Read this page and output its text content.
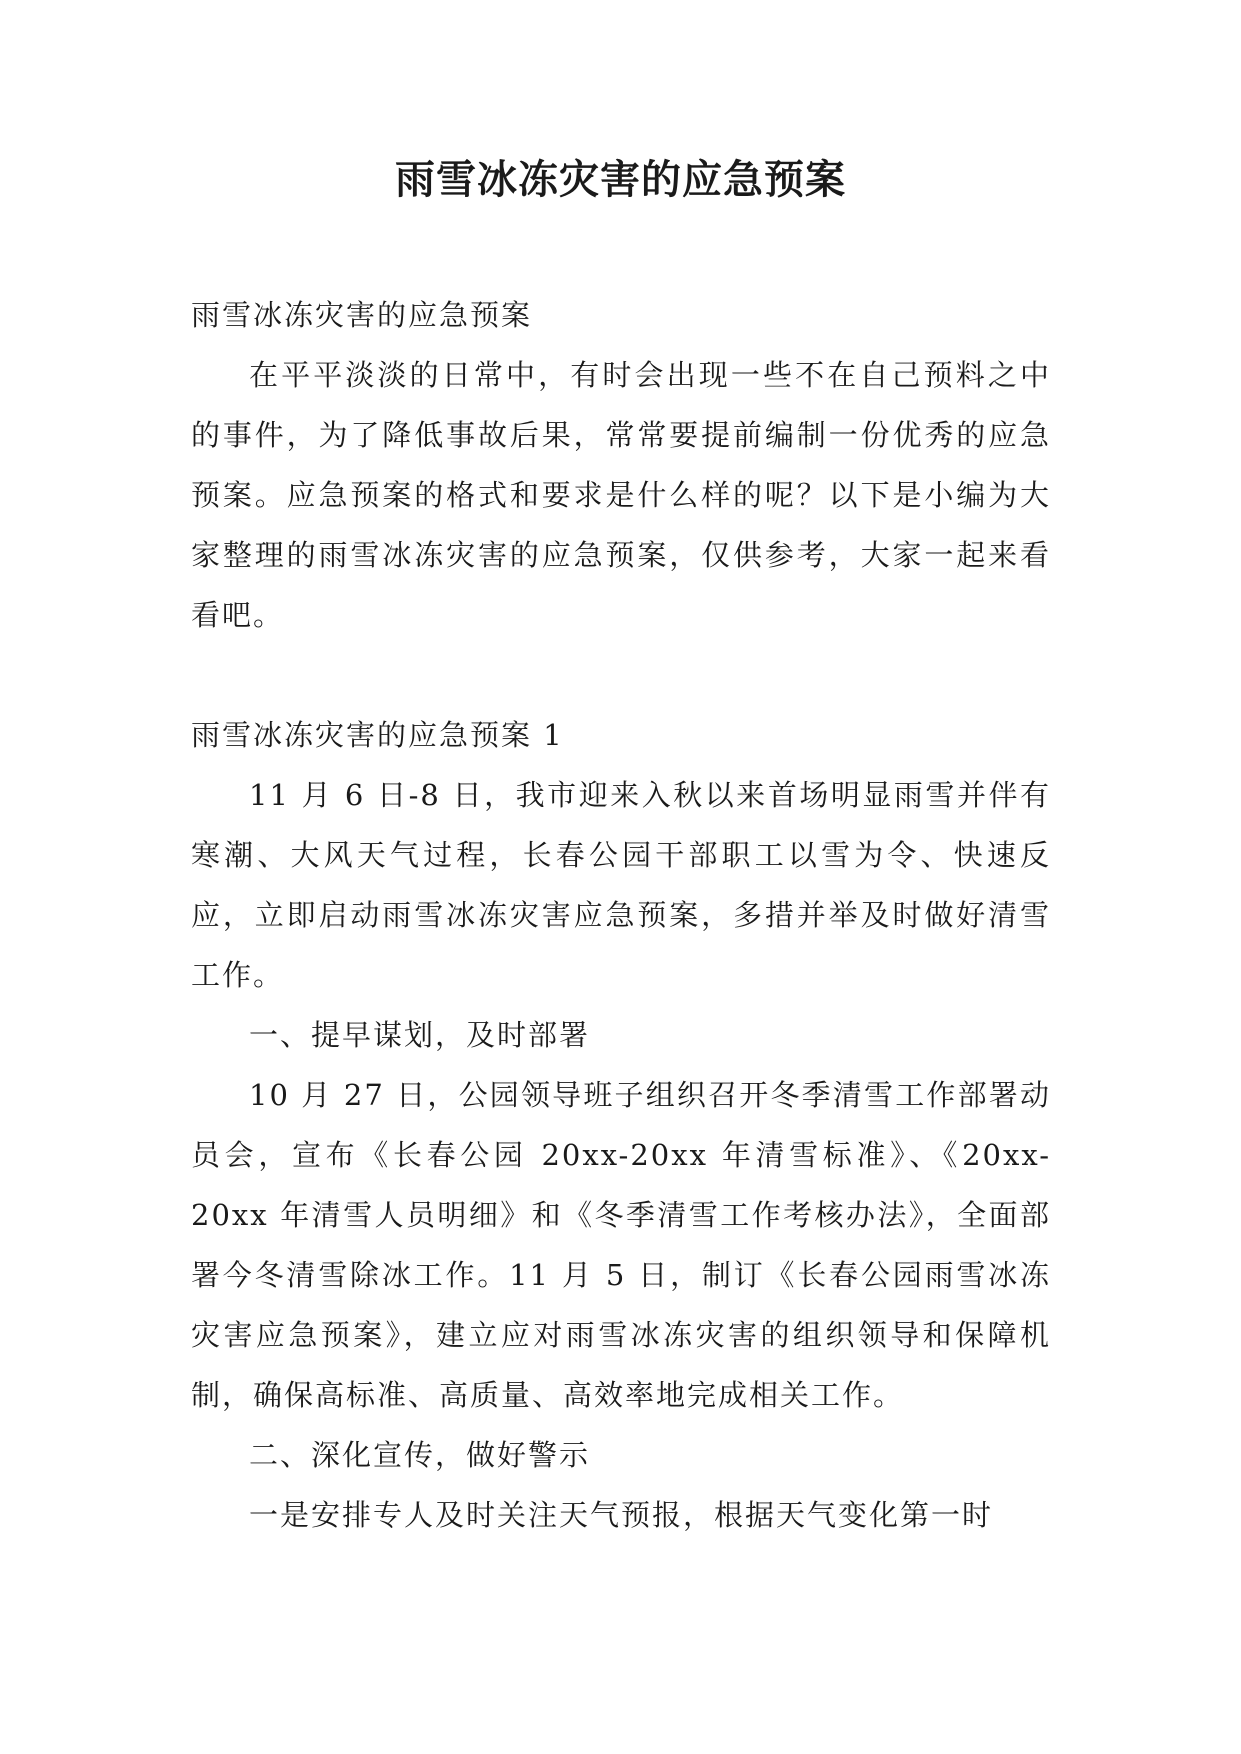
雨雪冰冻灾害的应急预案

雨雪冰冻灾害的应急预案

在平平淡淡的日常中，有时会出现一些不在自己预料之中的事件，为了降低事故后果，常常要提前编制一份优秀的应急预案。应急预案的格式和要求是什么样的呢？以下是小编为大家整理的雨雪冰冻灾害的应急预案，仅供参考，大家一起来看看吧。

雨雪冰冻灾害的应急预案 1

11 月 6 日-8 日，我市迎来入秋以来首场明显雨雪并伴有寒潮、大风天气过程，长春公园干部职工以雪为令、快速反应，立即启动雨雪冰冻灾害应急预案，多措并举及时做好清雪工作。

一、提早谋划，及时部署

10 月 27 日，公园领导班子组织召开冬季清雪工作部署动员会，宣布《长春公园 20xx-20xx 年清雪标准》、《20xx-20xx 年清雪人员明细》和《冬季清雪工作考核办法》，全面部署今冬清雪除冰工作。11 月 5 日，制订《长春公园雨雪冰冻灾害应急预案》，建立应对雨雪冰冻灾害的组织领导和保障机制，确保高标准、高质量、高效率地完成相关工作。

二、深化宣传，做好警示

一是安排专人及时关注天气预报，根据天气变化第一时
